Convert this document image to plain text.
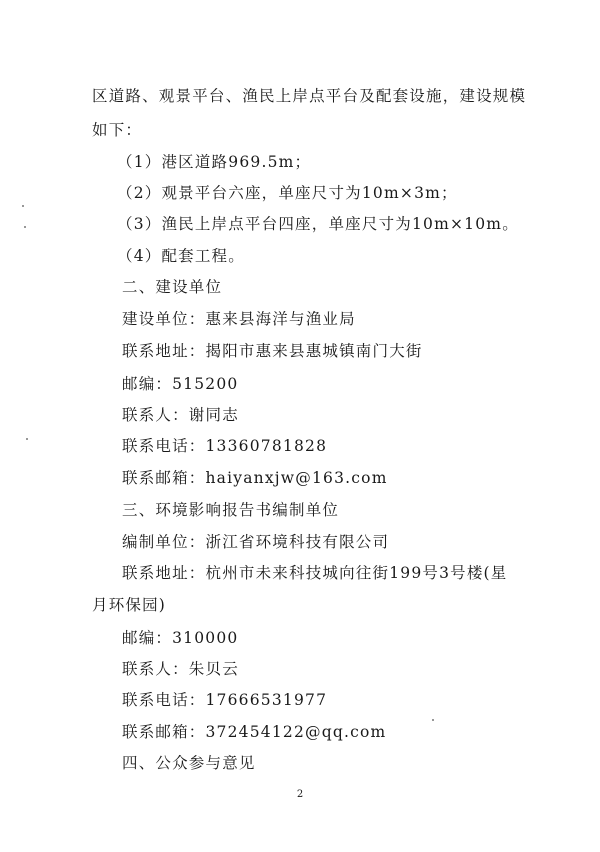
区道路、观景平台、渔民上岸点平台及配套设施，建设规模
如下：
（1）港区道路969.5m；
（2）观景平台六座，单座尺寸为10m×3m；
（3）渔民上岸点平台四座，单座尺寸为10m×10m。
（4）配套工程。
二、建设单位
建设单位：惠来县海洋与渔业局
联系地址：揭阳市惠来县惠城镇南门大街
邮编：515200
联系人：谢同志
联系电话：13360781828
联系邮箱：haiyanxjw@163.com
三、环境影响报告书编制单位
编制单位：浙江省环境科技有限公司
联系地址：杭州市未来科技城向往街199号3号楼(星
月环保园)
邮编：310000
联系人：朱贝云
联系电话：17666531977
联系邮箱：372454122@qq.com
四、公众参与意见
2
